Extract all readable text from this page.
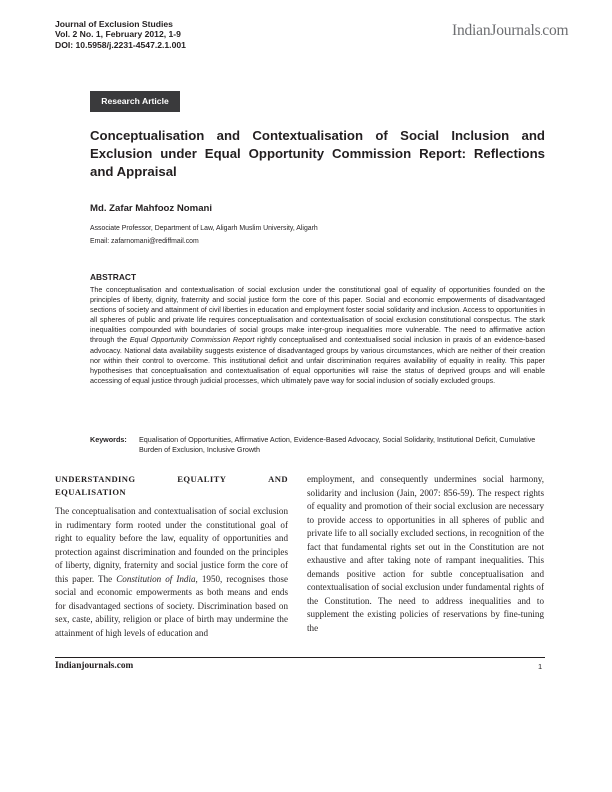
Journal of Exclusion Studies
Vol. 2 No. 1, February 2012, 1-9
DOI: 10.5958/j.2231-4547.2.1.001
IndianJournals.com
Research Article
Conceptualisation and Contextualisation of Social Inclusion and Exclusion under Equal Opportunity Commission Report: Reflections and Appraisal
Md. Zafar Mahfooz Nomani
Associate Professor, Department of Law, Aligarh Muslim University, Aligarh
Email: zafarnomani@rediffmail.com
ABSTRACT
The conceptualisation and contextualisation of social exclusion under the constitutional goal of equality of opportunities founded on the principles of liberty, dignity, fraternity and social justice form the core of this paper. Social and economic empowerments of disadvantaged sections of society and attainment of civil liberties in education and employment foster social solidarity and inclusion. Access to opportunities in all spheres of public and private life requires conceptualisation and contextualisation of social exclusion constitutional conspectus. The stark inequalities compounded with boundaries of social groups make inter-group inequalities more vulnerable. The need to affirmative action through the Equal Opportunity Commission Report rightly conceptualised and contextualised social inclusion in praxis of an evidence-based advocacy. National data availability suggests existence of disadvantaged groups by various circumstances, which are neither of their creation nor within their control to overcome. This institutional deficit and unfair discrimination requires availability of equality in reality. This paper hypothesises that conceptualisation and contextualisation of equal opportunities will raise the status of deprived groups and will enable accessing of equal justice through judicial processes, which ultimately pave way for social inclusion of socially excluded groups.
Keywords: Equalisation of Opportunities, Affirmative Action, Evidence-Based Advocacy, Social Solidarity, Institutional Deficit, Cumulative Burden of Exclusion, Inclusive Growth
UNDERSTANDING	EQUALITY	AND
EQUALISATION
The conceptualisation and contextualisation of social exclusion in rudimentary form rooted under the constitutional goal of right to equality before the law, equality of opportunities and protection against discrimination and founded on the principles of liberty, dignity, fraternity and social justice form the core of this paper. The Constitution of India, 1950, recognises those social and economic empowerments as both means and ends for disadvantaged sections of society. Discrimination based on sex, caste, ability, religion or place of birth may undermine the attainment of high levels of education and
employment, and consequently undermines social harmony, solidarity and inclusion (Jain, 2007: 856-59). The respect rights of equality and promotion of their social exclusion are necessary to provide access to opportunities in all spheres of public and private life to all socially excluded sections, in recognition of the fact that fundamental rights set out in the Constitution are not exhaustive and after taking note of rampant inequalities. This demands positive action for subtle conceptualisation and contextualisation of social exclusion under fundamental rights of the Constitution. The need to address inequalities and to supplement the existing policies of reservations by fine-tuning the
Indianjournals.com	1
